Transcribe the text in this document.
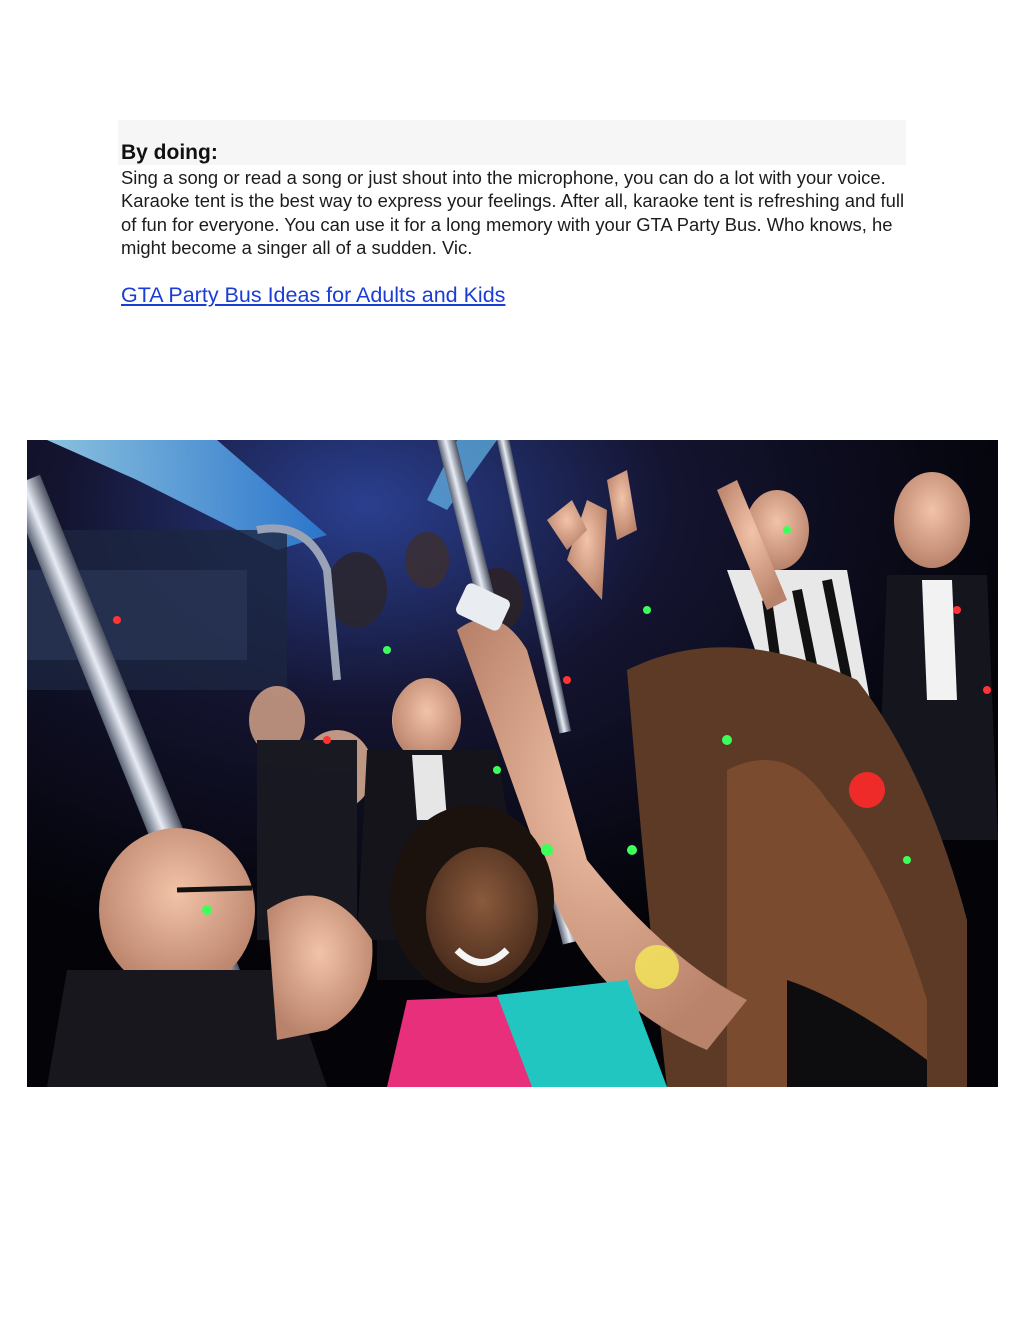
By doing:

Sing a song or read a song or just shout into the microphone, you can do a lot with your voice. Karaoke tent is the best way to express your feelings. After all, karaoke tent is refreshing and full of fun for everyone. You can use it for a long memory with your GTA Party Bus. Who knows, he might become a singer all of a sudden. Vic.

GTA Party Bus Ideas for Adults and Kids
